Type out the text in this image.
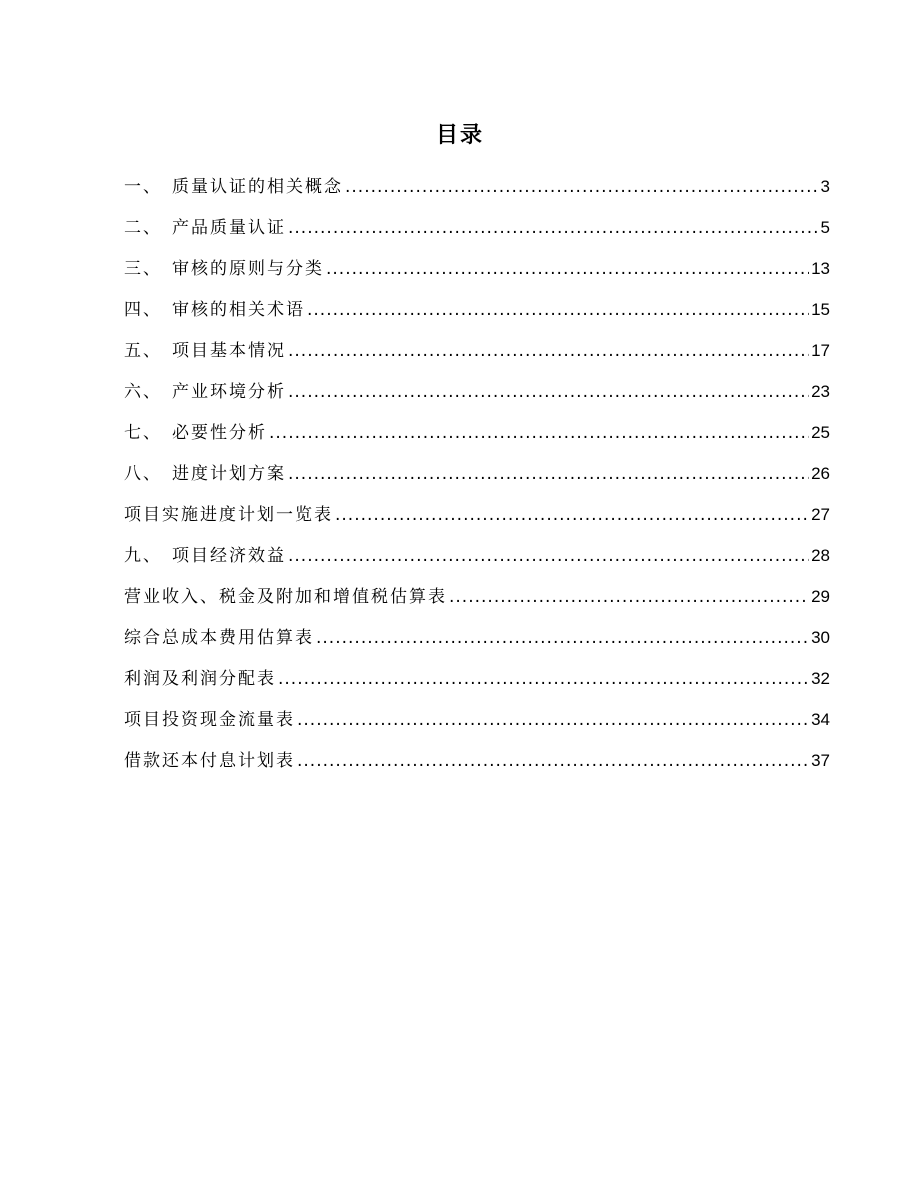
目录
一、 质量认证的相关概念 .....	3
二、 产品质量认证 .....	5
三、 审核的原则与分类 .....	13
四、 审核的相关术语 .....	15
五、 项目基本情况 .....	17
六、 产业环境分析 .....	23
七、 必要性分析 .....	25
八、 进度计划方案 .....	26
项目实施进度计划一览表 .....	27
九、 项目经济效益 .....	28
营业收入、税金及附加和增值税估算表 .....	29
综合总成本费用估算表 .....	30
利润及利润分配表 .....	32
项目投资现金流量表 .....	34
借款还本付息计划表 .....	37
